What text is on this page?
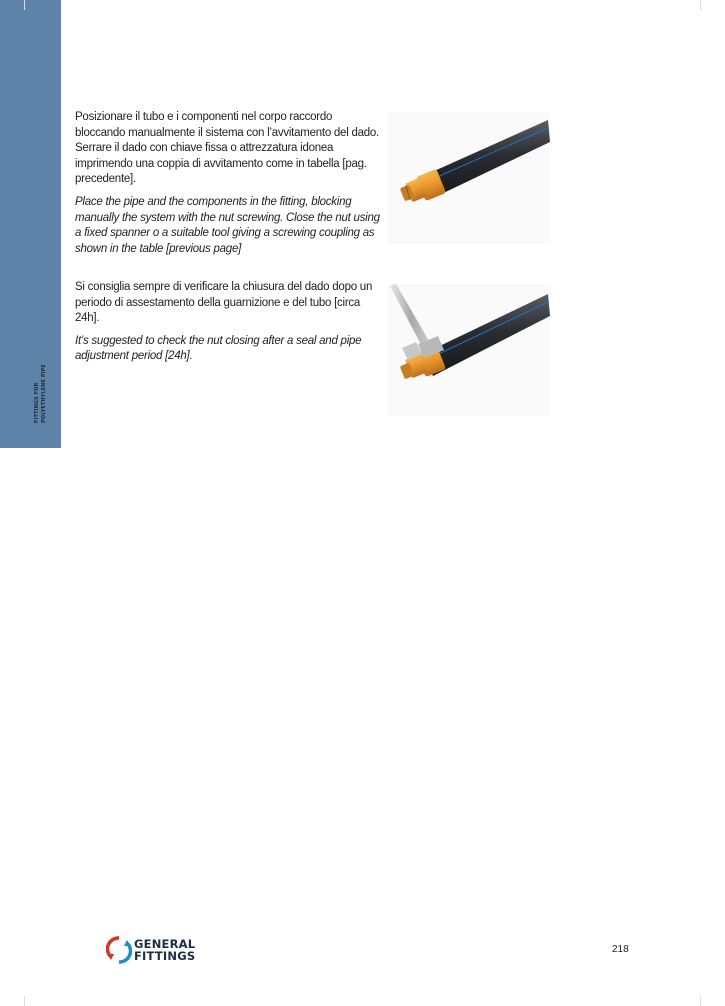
FITTINGS FOR POLYETHYLENE PIPE

Posizionare il tubo e i componenti nel corpo raccordo bloccando manualmente il sistema con l’avvitamento del dado. Serrare il dado con chiave fissa o attrezzatura idonea imprimendo una coppia di avvitamento come in tabella [pag. precedente].

Place the pipe and the components in the fitting, blocking manually the system with the nut screwing. Close the nut using a fixed spanner o a suitable tool giving a screwing coupling as shown in the table [previous page]

Si consiglia sempre di verificare la chiusura del dado dopo un periodo di assestamento della guarnizione e del tubo [circa 24h].

It’s suggested to check the nut closing after a seal and pipe adjustment period [24h].

GENERAL
FITTINGS	218
